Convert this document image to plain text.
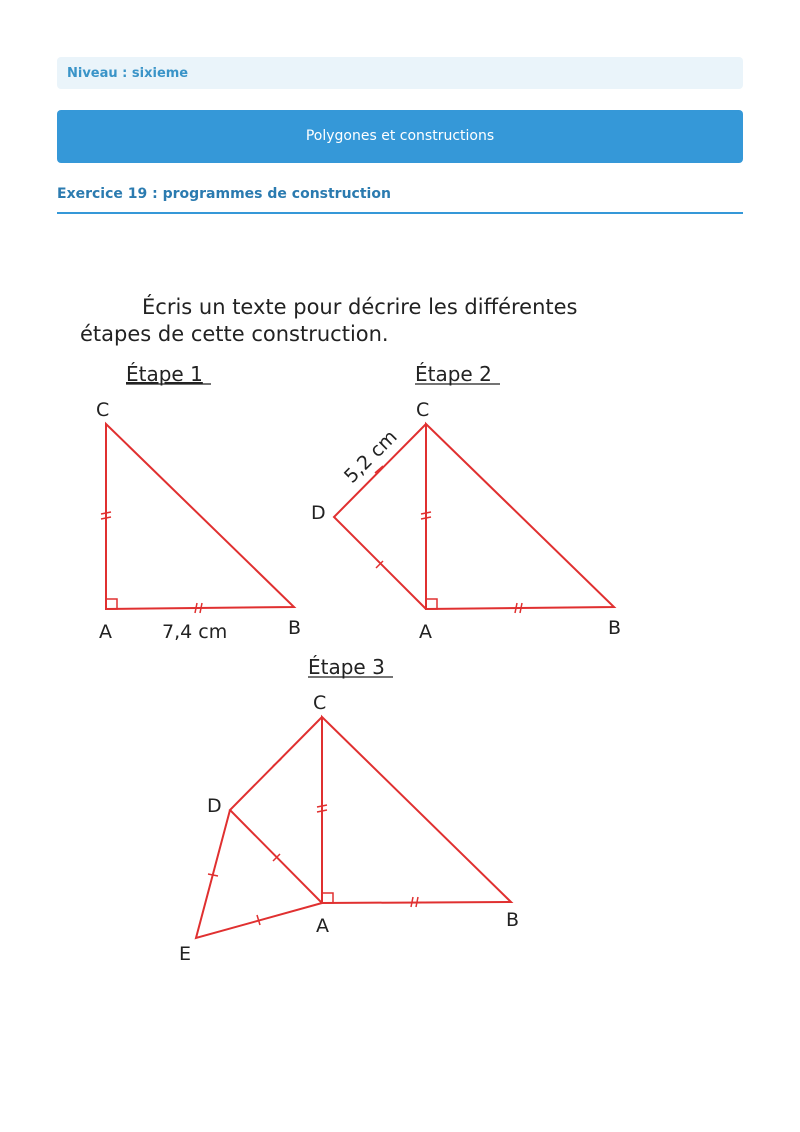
Niveau : sixieme
Polygones et constructions
Exercice 19 : programmes de construction
Écris un texte pour décrire les différentes
étapes de cette construction.
Étape 1	Étape 2
Étape 3
C
A	B
7,4 cm
C
D
A	B
5,2 cm
C
D
A	B
E
